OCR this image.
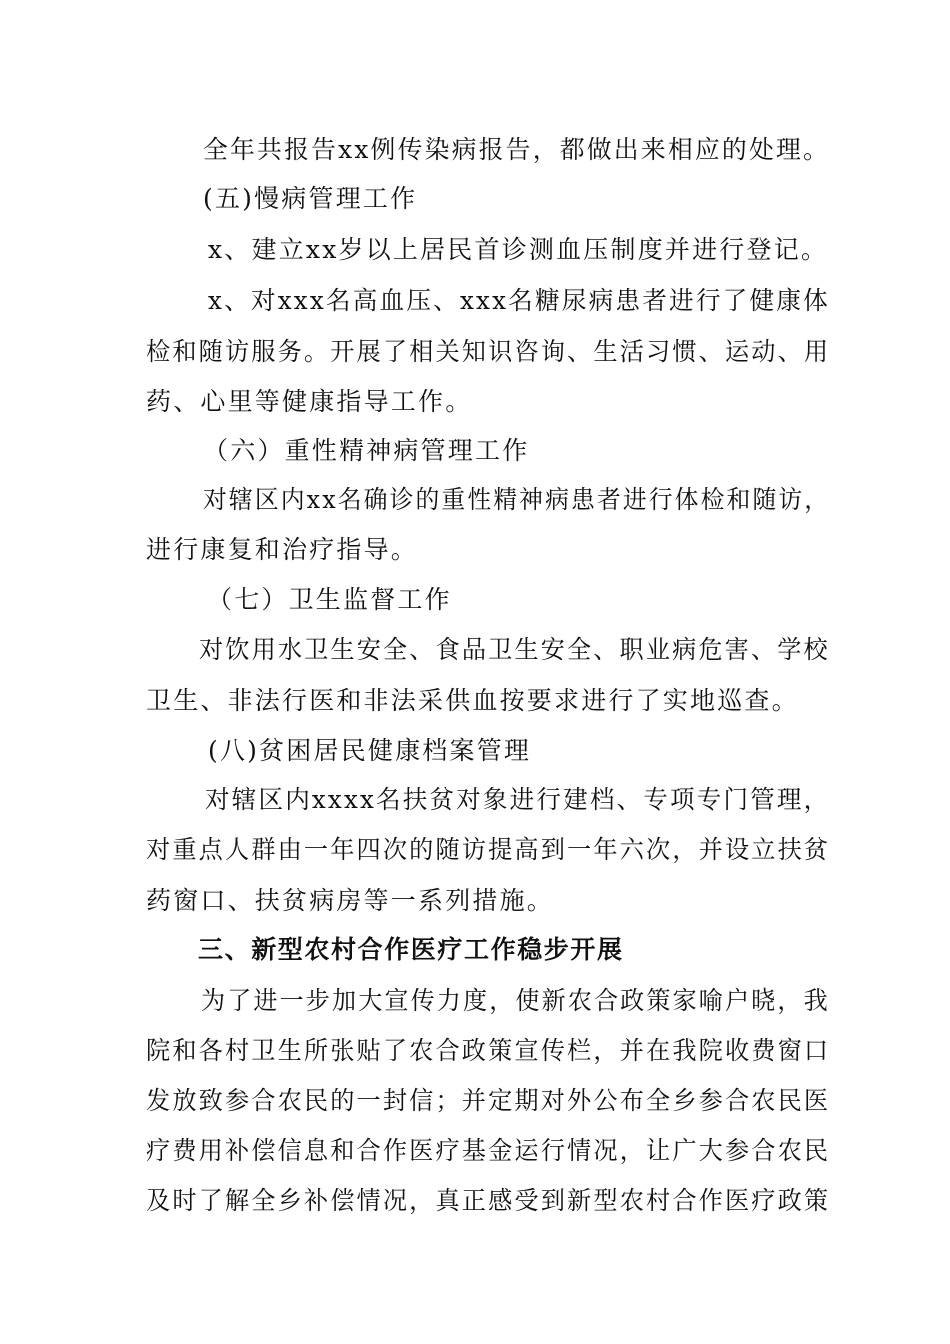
全年共报告xx例传染病报告，都做出来相应的处理。
(五)慢病管理工作
x、建立xx岁以上居民首诊测血压制度并进行登记。
x、对xxx名高血压、xxx名糖尿病患者进行了健康体
检和随访服务。开展了相关知识咨询、生活习惯、运动、用
药、心里等健康指导工作。
（六）重性精神病管理工作
对辖区内xx名确诊的重性精神病患者进行体检和随访，
进行康复和治疗指导。
（七）卫生监督工作
对饮用水卫生安全、食品卫生安全、职业病危害、学校
卫生、非法行医和非法采供血按要求进行了实地巡查。
(八)贫困居民健康档案管理
对辖区内xxxx名扶贫对象进行建档、专项专门管理，
对重点人群由一年四次的随访提高到一年六次，并设立扶贫
药窗口、扶贫病房等一系列措施。
三、新型农村合作医疗工作稳步开展
为了进一步加大宣传力度，使新农合政策家喻户晓，我
院和各村卫生所张贴了农合政策宣传栏，并在我院收费窗口
发放致参合农民的一封信；并定期对外公布全乡参合农民医
疗费用补偿信息和合作医疗基金运行情况，让广大参合农民
及时了解全乡补偿情况，真正感受到新型农村合作医疗政策
